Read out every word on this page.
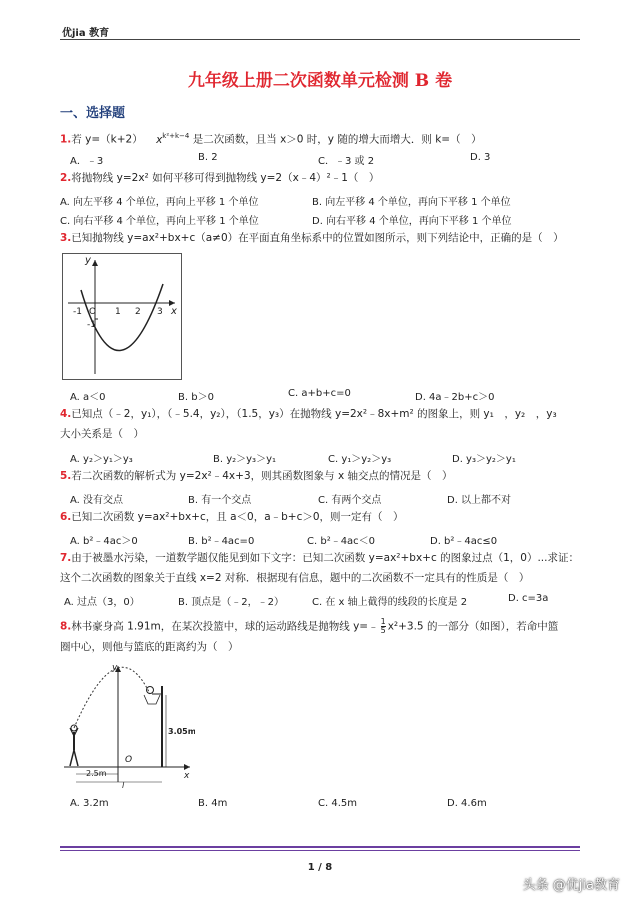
优jia 教育
九年级上册二次函数单元检测 B 卷
一、选择题
1.若 y=（k+2） $x^{k^2+k-4}$ 是二次函数，且当 x＞0 时，y 随的增大而增大．则 k=（　）
A．﹣3	B. 2	C．﹣3 或 2	D. 3
2.将抛物线 y=2x² 如何平移可得到抛物线 y=2（x﹣4）²﹣1（　）
A. 向左平移 4 个单位，再向上平移 1 个单位	B. 向左平移 4 个单位，再向下平移 1 个单位
C. 向右平移 4 个单位，再向上平移 1 个单位	D. 向右平移 4 个单位，再向下平移 1 个单位
3.已知抛物线 y=ax²+bx+c（a≠0）在平面直角坐标系中的位置如图所示，则下列结论中，正确的是（　）
y
x
O
-1
-1
1 2 3
A. a＜0	B. b＞0	C. a+b+c=0	D. 4a﹣2b+c＞0
4.已知点（﹣2，y₁），（﹣5.4，y₂），（1.5，y₃）在抛物线 y=2x²﹣8x+m² 的图象上，则 y₁　，y₂　，y₃
大小关系是（　）
A. y₂＞y₁＞y₃	B. y₂＞y₃＞y₁	C. y₁＞y₂＞y₃	D. y₃＞y₂＞y₁
5.若二次函数的解析式为 y=2x²﹣4x+3，则其函数图象与 x 轴交点的情况是（　）
A. 没有交点	B. 有一个交点	C. 有两个交点	D. 以上都不对
6.已知二次函数 y=ax²+bx+c，且 a＜0，a﹣b+c＞0，则一定有（　）
A. b²﹣4ac＞0	B. b²﹣4ac=0	C. b²﹣4ac＜0	D. b²﹣4ac≤0
7.由于被墨水污染，一道数学题仅能见到如下文字：已知二次函数 y=ax²+bx+c 的图象过点（1，0）...求证：
这个二次函数的图象关于直线 x=2 对称．根据现有信息，题中的二次函数不一定具有的性质是（　）
A. 过点（3，0）	B. 顶点是（﹣2，﹣2）	C. 在 x 轴上截得的线段的长度是 2	D. c=3a
8.林书豪身高 1.91m，在某次投篮中，球的运动路线是抛物线 y=﹣ $\frac{1}{5} x^2+3.5$ 的一部分（如图），若命中篮
圈中心，则他与篮底的距离约为（　）
y
x
O
2.5m
3.05m
l
A. 3.2m	B. 4m	C. 4.5m	D. 4.6m
1 / 8
头条 @优jia教育
